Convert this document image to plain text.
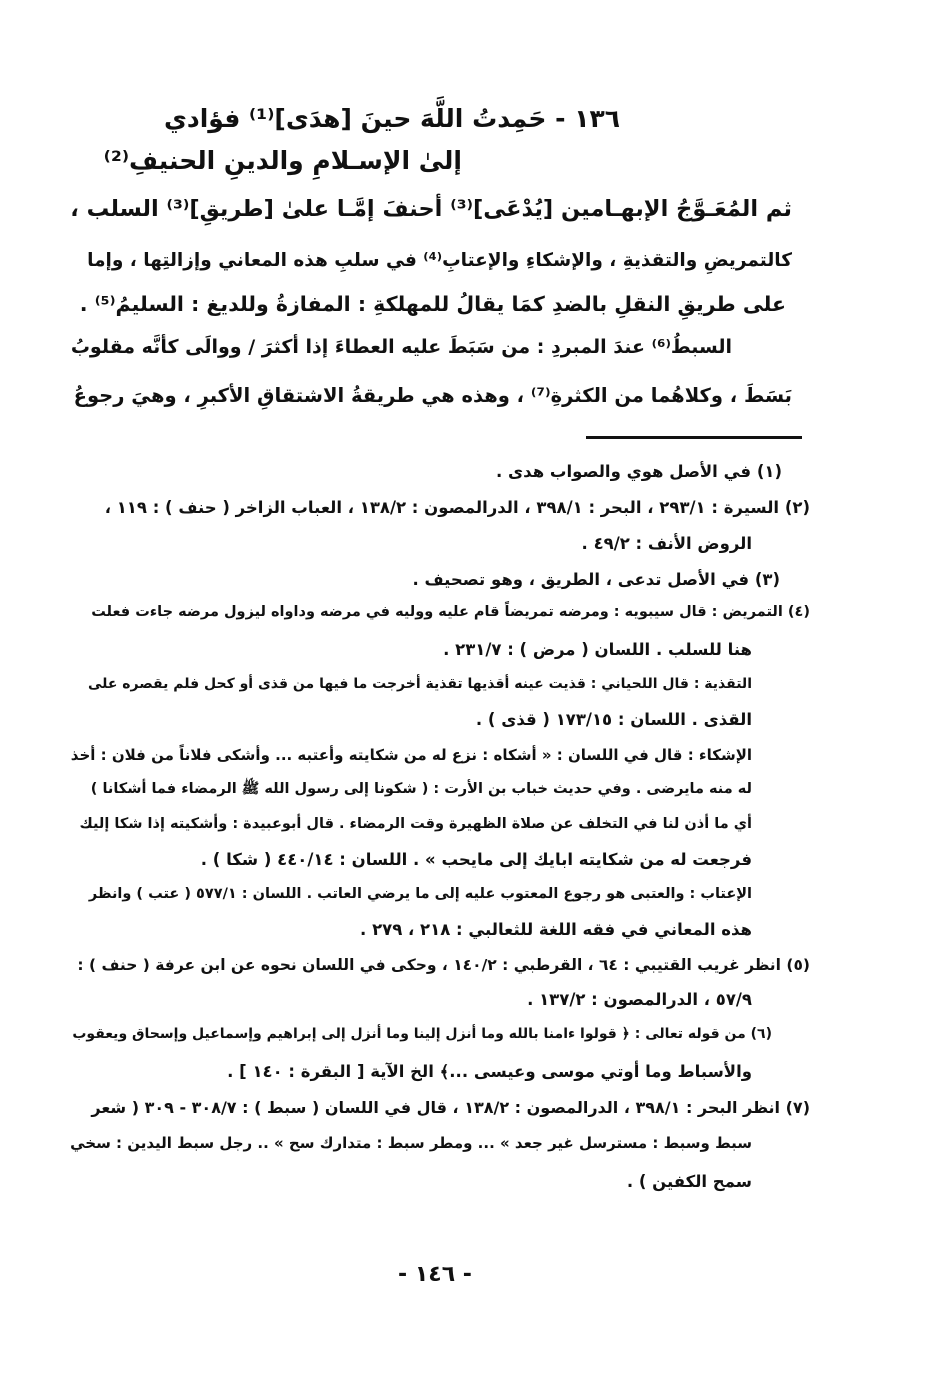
١٣٦ - حَمِدتُ اللَّهَ حينَ [هدَى]⁽¹⁾ فؤادي
إلىٰ الإسـلامِ والدينِ الحنيفِ⁽²⁾
ثم المُعَـوَّجُ الإبهـامين [يُدْعَى]⁽³⁾ أحنفَ إمَّـا علىٰ [طريقِ]⁽³⁾ السلب ،
كالتمريضِ والتقذيةِ ، والإشكاءِ والإعتابِ⁽⁴⁾ في سلبِ هذه المعاني وإزالتِها ، وإما
على طريقِ النقلِ بالضدِ كمَا يقالُ للمهلكةِ : المفازةُ وللديغ : السليمُ⁽⁵⁾ .
السبطُ⁽⁶⁾ عندَ المبردِ : من سَبَطَ عليه العطاءَ إذا أكثرَ / ووالَى كأنَّه مقلوبُ
بَسَطَ ، وكلاهُما من الكثرةِ⁽⁷⁾ ، وهذه هي طريقةُ الاشتقاقِ الأكبرِ ، وهيَ رجوعُ
(١) في الأصل هوي والصواب هدى .
(٢) السيرة : ٢٩٣/١ ، البحر : ٣٩٨/١ ، الدرالمصون : ١٣٨/٢ ، العباب الزاخر ( حنف ) : ١١٩ ،
الروض الأنف : ٤٩/٢ .
(٣) في الأصل تدعى ، الطريق ، وهو تصحيف .
(٤) التمريض : قال سيبويه : ومرضه تمريضاً قام عليه ووليه في مرضه وداواه ليزول مرضه جاءت فعلت
هنا للسلب . اللسان ( مرض ) : ٢٣١/٧ .
التقذية : قال اللحياني : قذيت عينه أقذيها تقذية أخرجت ما فيها من قذى أو كحل فلم يقصره على
القذى . اللسان : ١٧٣/١٥ ( قذى ) .
الإشكاء : قال في اللسان : « أشكاه : نزع له من شكايته وأعتبه ... وأشكى فلاناً من فلان : أخذ
له منه مايرضى . وفي حديث خباب بن الأرت : ( شكونا إلى رسول الله ﷺ الرمضاء فما أشكانا )
أي ما أذن لنا في التخلف عن صلاة الظهيرة وقت الرمضاء . قال أبوعبيدة : وأشكيته إذا شكا إليك
فرجعت له من شكايته ابايك إلى مايحب » . اللسان : ٤٤٠/١٤ ( شكا ) .
الإعتاب : والعتبى هو رجوع المعتوب عليه إلى ما يرضي العاتب . اللسان : ٥٧٧/١ ( عتب ) وانظر
هذه المعاني في فقه اللغة للثعالبي : ٢١٨ ، ٢٧٩ .
(٥) انظر غريب القتيبي : ٦٤ ، القرطبي : ١٤٠/٢ ، وحكى في اللسان نحوه عن ابن عرفة ( حنف ) :
٥٧/٩ ، الدرالمصون : ١٣٧/٢ .
(٦) من قوله تعالى : ﴿ قولوا ءامنا بالله وما أنزل إلينا وما أنزل إلى إبراهيم وإسماعيل وإسحاق ويعقوب
والأسباط وما أوتي موسى وعيسى ...﴾ الخ الآية [ البقرة : ١٤٠ ] .
(٧) انظر البحر : ٣٩٨/١ ، الدرالمصون : ١٣٨/٢ ، قال في اللسان ( سبط ) : ٣٠٨/٧ - ٣٠٩ ( شعر
سبط وسبط : مسترسل غير جعد » ... ومطر سبط : متدارك سح » .. رجل سبط اليدين : سخي
سمح الكفين ) .
- ١٤٦ -
